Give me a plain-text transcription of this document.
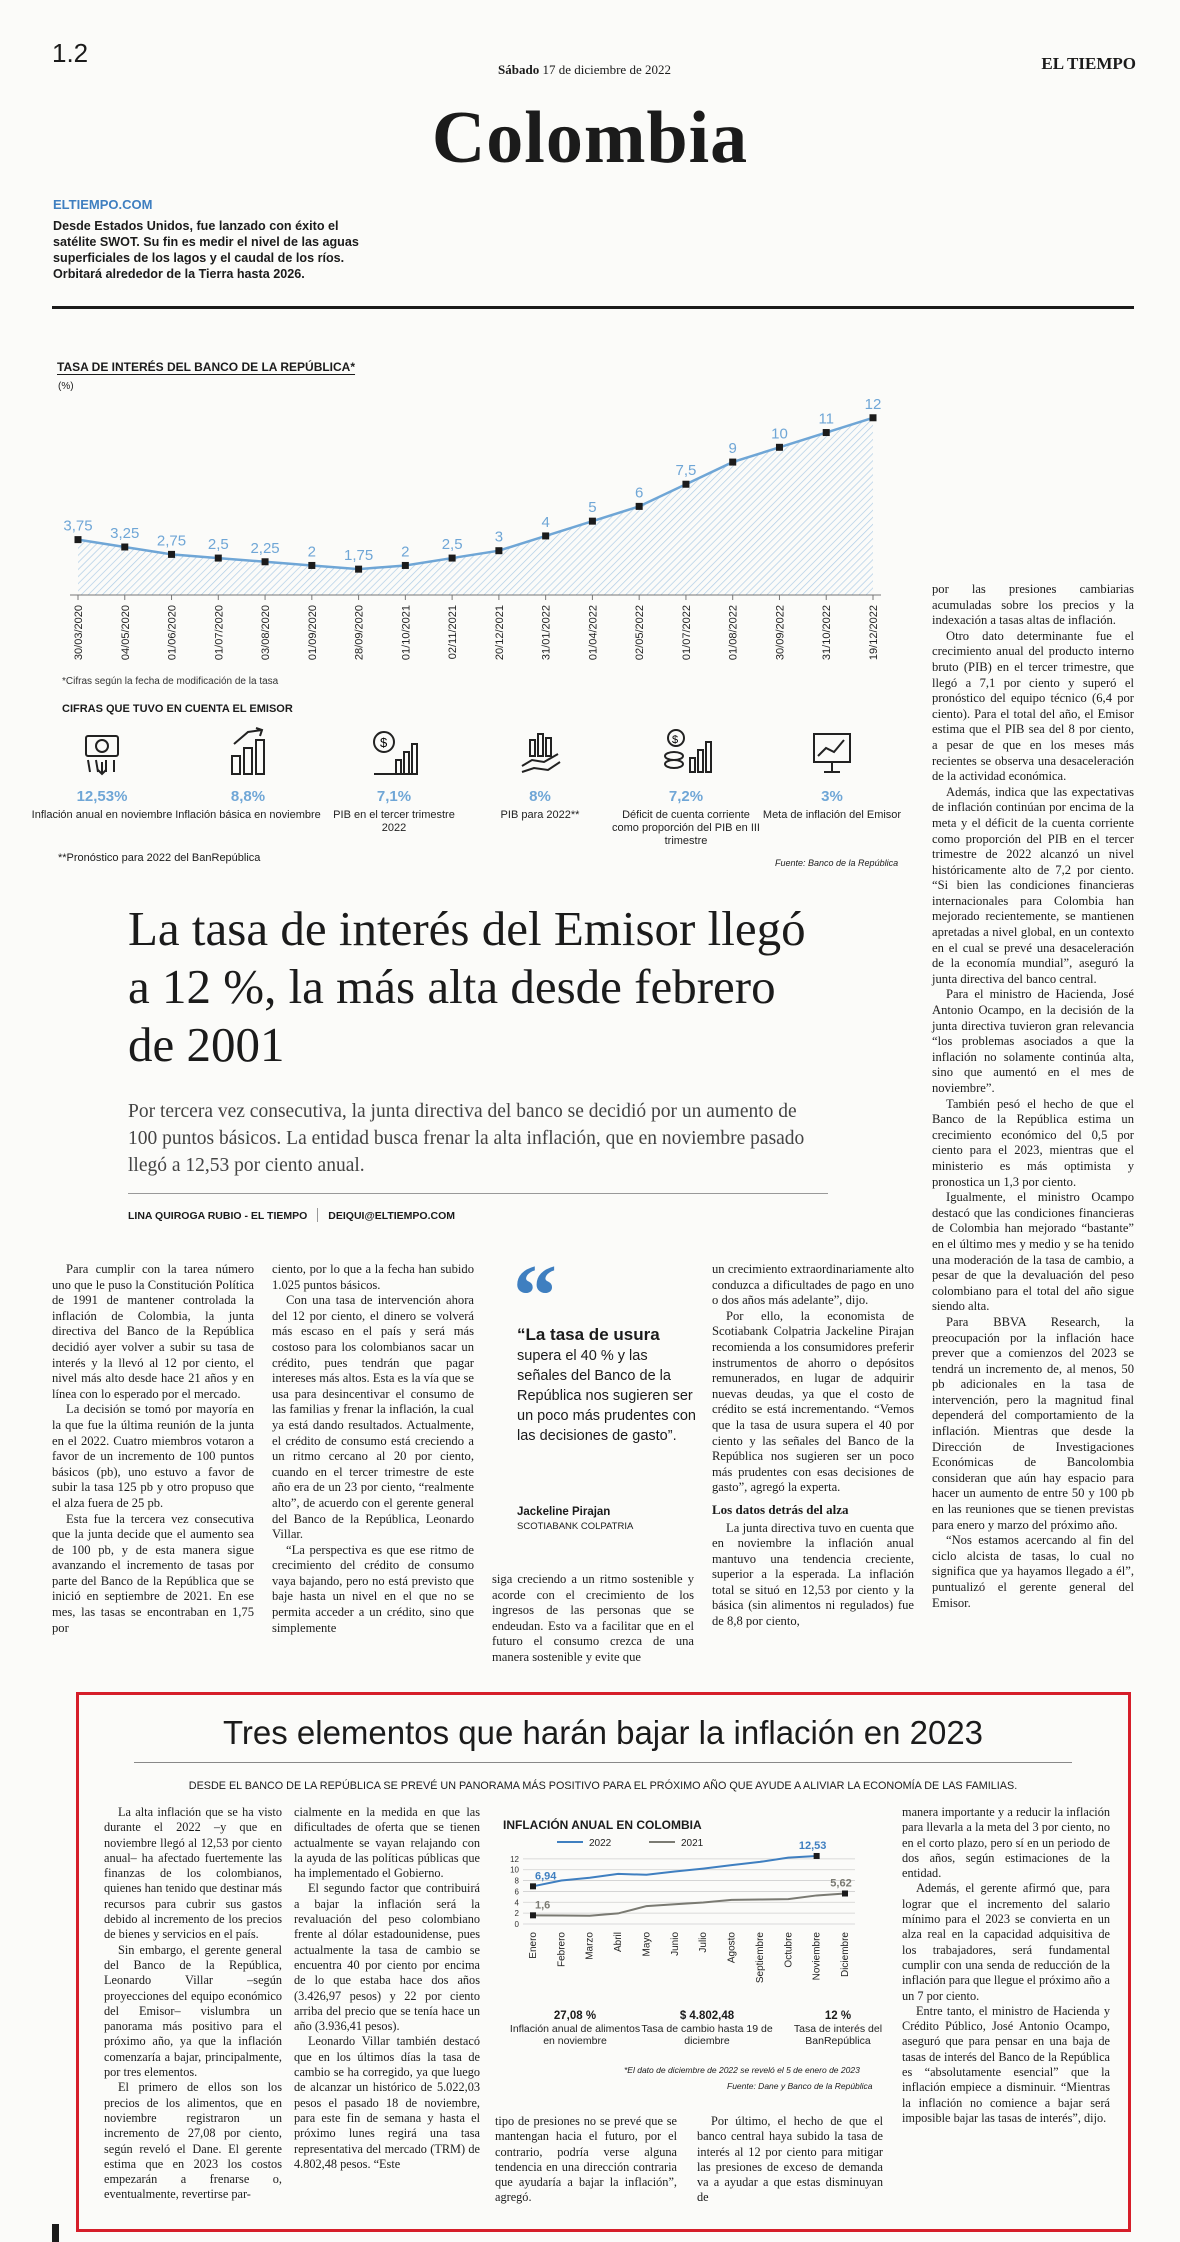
1.2
Sábado 17 de diciembre de 2022	EL TIEMPO
Colombia
ELTIEMPO.COM
Desde Estados Unidos, fue lanzado con éxito el satélite SWOT. Su fin es medir el nivel de las aguas superficiales de los lagos y el caudal de los ríos. Orbitará alrededor de la Tierra hasta 2026.
TASA DE INTERÉS DEL BANCO DE LA REPÚBLICA*
(%)
3,75
30/03/2020
3,25
04/05/2020
2,75
01/06/2020
2,5
01/07/2020
2,25
03/08/2020
2
01/09/2020
1,75
28/09/2020
2
01/10/2021
2,5
02/11/2021
3
20/12/2021
4
31/01/2022
5
01/04/2022
6
02/05/2022
7,5
01/07/2022
9
01/08/2022
10
30/09/2022
11
31/10/2022
12
19/12/2022
*Cifras según la fecha de modificación de la tasa
CIFRAS QUE TUVO EN CUENTA EL EMISOR
12,53%
Inflación anual en noviembre
8,8%
Inflación básica en noviembre
$
7,1%
PIB en el tercer trimestre 2022
8%
PIB para 2022**
$
7,2%
Déficit de cuenta corriente como proporción del PIB en III trimestre
3%
Meta de inflación del Emisor
**Pronóstico para 2022 del BanRepública	Fuente: Banco de la República
La tasa de interés del Emisor llegó a 12 %, la más alta desde febrero de 2001
Por tercera vez consecutiva, la junta directiva del banco se decidió por un aumento de 100 puntos básicos. La entidad busca frenar la alta inflación, que en noviembre pasado llegó a 12,53 por ciento anual.
LINA QUIROGA RUBIO - EL TIEMPO DEIQUI@ELTIEMPO.COM

Para cumplir con la tarea número uno que le puso la Constitución Política de 1991 de mantener controlada la inflación de Colombia, la junta directiva del Banco de la República decidió ayer volver a subir su tasa de interés y la llevó al 12 por ciento, el nivel más alto desde hace 21 años y en línea con lo esperado por el mercado.

La decisión se tomó por mayoría en la que fue la última reunión de la junta en el 2022. Cuatro miembros votaron a favor de un incremento de 100 puntos básicos (pb), uno estuvo a favor de subir la tasa 125 pb y otro propuso que el alza fuera de 25 pb.

Esta fue la tercera vez consecutiva que la junta decide que el aumento sea de 100 pb, y de esta manera sigue avanzando el incremento de tasas por parte del Banco de la República que se inició en septiembre de 2021. En ese mes, las tasas se encontraban en 1,75 por

ciento, por lo que a la fecha han subido 1.025 puntos básicos.

Con una tasa de intervención ahora del 12 por ciento, el dinero se volverá más escaso en el país y será más costoso para los colombianos sacar un crédito, pues tendrán que pagar intereses más altos. Esta es la vía que se usa para desincentivar el consumo de las familias y frenar la inflación, la cual ya está dando resultados. Actualmente, el crédito de consumo está creciendo a un ritmo cercano al 20 por ciento, cuando en el tercer trimestre de este año era de un 23 por ciento, “realmente alto”, de acuerdo con el gerente general del Banco de la República, Leonardo Villar.

“La perspectiva es que ese ritmo de crecimiento del crédito de consumo vaya bajando, pero no está previsto que baje hasta un nivel en el que no se permita acceder a un crédito, sino que simplemente

“
“La tasa de usura
supera el 40 % y las señales del Banco de la República nos sugieren ser un poco más prudentes con las decisiones de gasto”.
Jackeline Pirajan
SCOTIABANK COLPATRIA

siga creciendo a un ritmo sostenible y acorde con el crecimiento de los ingresos de las personas que se endeudan. Esto va a facilitar que en el futuro el consumo crezca de una manera sostenible y evite que

un crecimiento extraordinariamente alto conduzca a dificultades de pago en uno o dos años más adelante”, dijo.

Por ello, la economista de Scotiabank Colpatria Jackeline Pirajan recomienda a los consumidores preferir instrumentos de ahorro o depósitos remunerados, en lugar de adquirir nuevas deudas, ya que el costo de crédito se está incrementando. “Vemos que la tasa de usura supera el 40 por ciento y las señales del Banco de la República nos sugieren ser un poco más prudentes con esas decisiones de gasto”, agregó la experta.

Los datos detrás del alza

La junta directiva tuvo en cuenta que en noviembre la inflación anual mantuvo una tendencia creciente, superior a la esperada. La inflación total se situó en 12,53 por ciento y la básica (sin alimentos ni regulados) fue de 8,8 por ciento,

por las presiones cambiarias acumuladas sobre los precios y la indexación a tasas altas de inflación.

Otro dato determinante fue el crecimiento anual del producto interno bruto (PIB) en el tercer trimestre, que llegó a 7,1 por ciento y superó el pronóstico del equipo técnico (6,4 por ciento). Para el total del año, el Emisor estima que el PIB sea del 8 por ciento, a pesar de que en los meses más recientes se observa una desaceleración de la actividad económica.

Además, indica que las expectativas de inflación continúan por encima de la meta y el déficit de la cuenta corriente como proporción del PIB en el tercer trimestre de 2022 alcanzó un nivel históricamente alto de 7,2 por ciento. “Si bien las condiciones financieras internacionales para Colombia han mejorado recientemente, se mantienen apretadas a nivel global, en un contexto en el cual se prevé una desaceleración de la economía mundial”, aseguró la junta directiva del banco central.

Para el ministro de Hacienda, José Antonio Ocampo, en la decisión de la junta directiva tuvieron gran relevancia “los problemas asociados a que la inflación no solamente continúa alta, sino que aumentó en el mes de noviembre”.

También pesó el hecho de que el Banco de la República estima un crecimiento económico del 0,5 por ciento para el 2023, mientras que el ministerio es más optimista y pronostica un 1,3 por ciento.

Igualmente, el ministro Ocampo destacó que las condiciones financieras de Colombia han mejorado “bastante” en el último mes y medio y se ha tenido una moderación de la tasa de cambio, a pesar de que la devaluación del peso colombiano para el total del año sigue siendo alta.

Para BBVA Research, la preocupación por la inflación hace prever que a comienzos del 2023 se tendrá un incremento de, al menos, 50 pb adicionales en la tasa de intervención, pero la magnitud final dependerá del comportamiento de la inflación. Mientras que desde la Dirección de Investigaciones Económicas de Bancolombia consideran que aún hay espacio para hacer un aumento de entre 50 y 100 pb en las reuniones que se tienen previstas para enero y marzo del próximo año.

“Nos estamos acercando al fin del ciclo alcista de tasas, lo cual no significa que ya hayamos llegado a él”, puntualizó el gerente general del Emisor.

Tres elementos que harán bajar la inflación en 2023
DESDE EL BANCO DE LA REPÚBLICA SE PREVÉ UN PANORAMA MÁS POSITIVO PARA EL PRÓXIMO AÑO QUE AYUDE A ALIVIAR LA ECONOMÍA DE LAS FAMILIAS.

La alta inflación que se ha visto durante el 2022 –y que en noviembre llegó al 12,53 por ciento anual– ha afectado fuertemente las finanzas de los colombianos, quienes han tenido que destinar más recursos para cubrir sus gastos debido al incremento de los precios de bienes y servicios en el país.

Sin embargo, el gerente general del Banco de la República, Leonardo Villar –según proyecciones del equipo económico del Emisor– vislumbra un panorama más positivo para el próximo año, ya que la inflación comenzaría a bajar, principalmente, por tres elementos.

El primero de ellos son los precios de los alimentos, que en noviembre registraron un incremento de 27,08 por ciento, según reveló el Dane. El gerente estima que en 2023 los costos empezarán a frenarse o, eventualmente, revertirse par-

cialmente en la medida en que las dificultades de oferta que se tienen actualmente se vayan relajando con la ayuda de las políticas públicas que ha implementado el Gobierno.

El segundo factor que contribuirá a bajar la inflación será la revaluación del peso colombiano frente al dólar estadounidense, pues actualmente la tasa de cambio se encuentra 40 por ciento por encima de lo que estaba hace dos años (3.426,97 pesos) y 22 por ciento arriba del precio que se tenía hace un año (3.936,41 pesos).

Leonardo Villar también destacó que en los últimos días la tasa de cambio se ha corregido, ya que luego de alcanzar un histórico de 5.022,03 pesos el pasado 18 de noviembre, para este fin de semana y hasta el próximo lunes regirá una tasa representativa del mercado (TRM) de 4.802,48 pesos. “Este

INFLACIÓN ANUAL EN COLOMBIA
0
2
4
6
8
10
12
2022	2021
6,94
12,53
1,6
5,62
Enero Febrero Marzo Abril Mayo Junio Julio Agosto Septiembre Octubre Noviembre Diciembre
27,08 %
Inflación anual de alimentos en noviembre
$ 4.802,48
Tasa de cambio hasta 19 de diciembre
12 %
Tasa de interés del BanRepública
*El dato de diciembre de 2022 se reveló el 5 de enero de 2023
Fuente: Dane y Banco de la República

tipo de presiones no se prevé que se mantengan hacia el futuro, por el contrario, podría verse alguna tendencia en una dirección contraria que ayudaría a bajar la inflación”, agregó.

Por último, el hecho de que el banco central haya subido la tasa de interés al 12 por ciento para mitigar las presiones de exceso de demanda va a ayudar a que estas disminuyan de

manera importante y a reducir la inflación para llevarla a la meta del 3 por ciento, no en el corto plazo, pero sí en un periodo de dos años, según estimaciones de la entidad.

Además, el gerente afirmó que, para lograr que el incremento del salario mínimo para el 2023 se convierta en un alza real en la capacidad adquisitiva de los trabajadores, será fundamental cumplir con una senda de reducción de la inflación para que llegue el próximo año a un 7 por ciento.

Entre tanto, el ministro de Hacienda y Crédito Público, José Antonio Ocampo, aseguró que para pensar en una baja de tasas de interés del Banco de la República es “absolutamente esencial” que la inflación empiece a disminuir. “Mientras la inflación no comience a bajar será imposible bajar las tasas de interés”, dijo.
